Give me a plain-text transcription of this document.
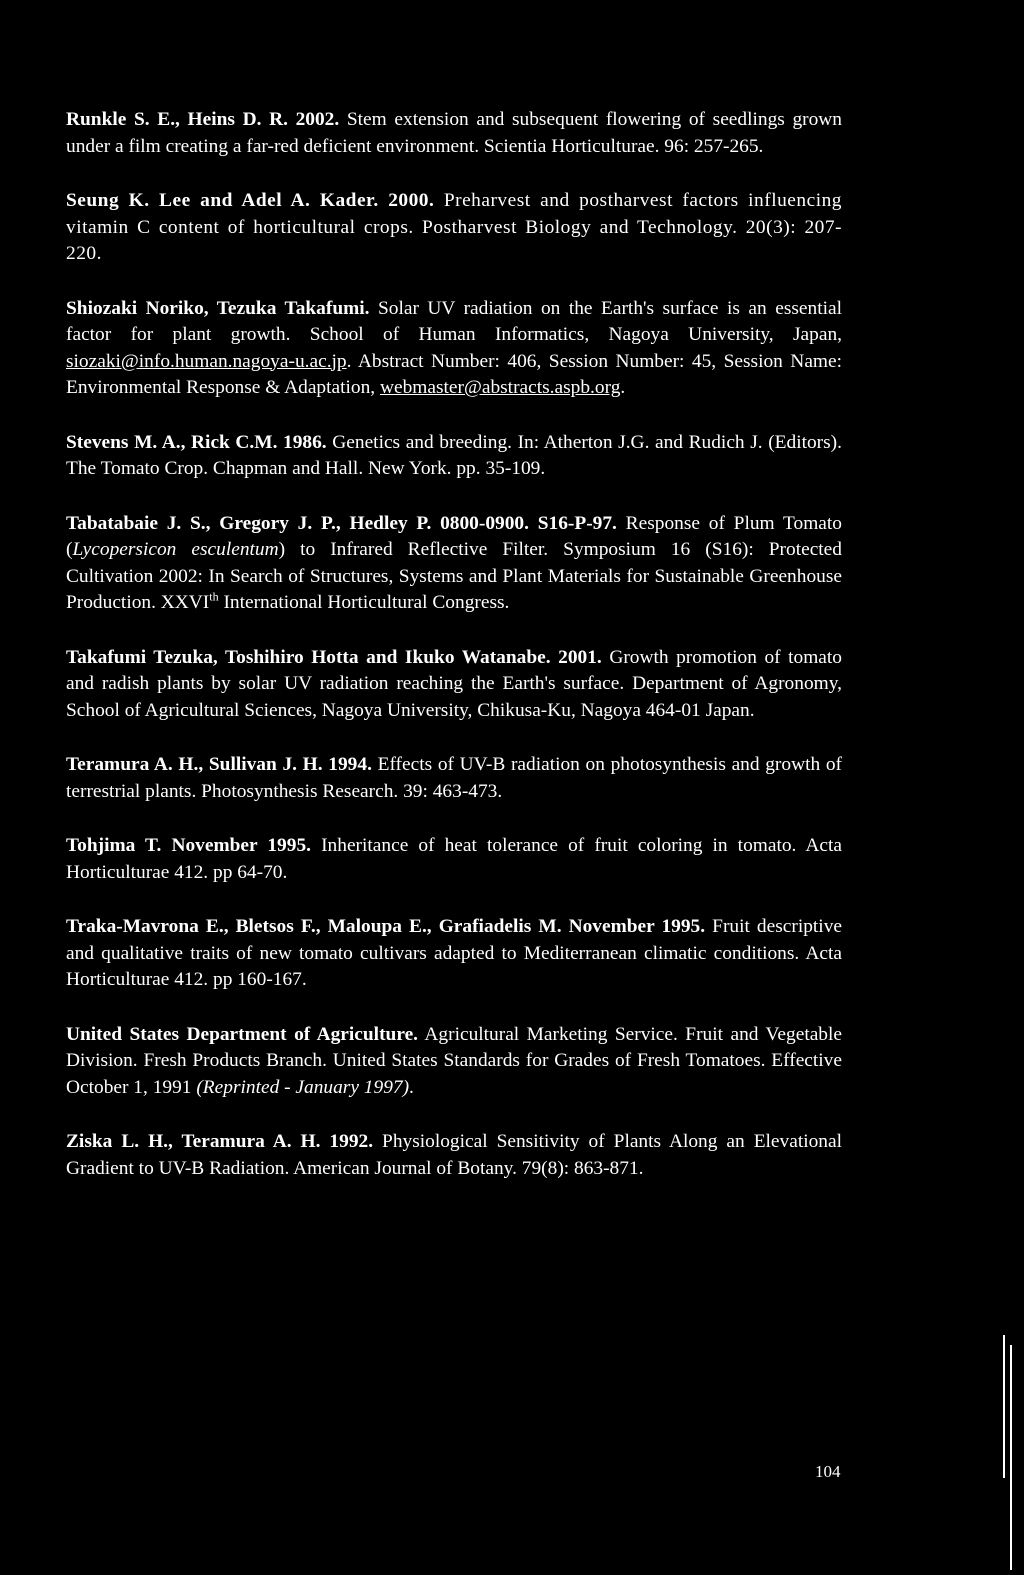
Runkle S. E., Heins D. R. 2002. Stem extension and subsequent flowering of seedlings grown under a film creating a far-red deficient environment. Scientia Horticulturae. 96: 257-265.

Seung K. Lee and Adel A. Kader. 2000. Preharvest and postharvest factors influencing vitamin C content of horticultural crops. Postharvest Biology and Technology. 20(3): 207-220.

Shiozaki Noriko, Tezuka Takafumi. Solar UV radiation on the Earth's surface is an essential factor for plant growth. School of Human Informatics, Nagoya University, Japan, siozaki@info.human.nagoya-u.ac.jp. Abstract Number: 406, Session Number: 45, Session Name: Environmental Response & Adaptation, webmaster@abstracts.aspb.org.

Stevens M. A., Rick C.M. 1986. Genetics and breeding. In: Atherton J.G. and Rudich J. (Editors). The Tomato Crop. Chapman and Hall. New York. pp. 35-109.

Tabatabaie J. S., Gregory J. P., Hedley P. 0800-0900. S16-P-97. Response of Plum Tomato (Lycopersicon esculentum) to Infrared Reflective Filter. Symposium 16 (S16): Protected Cultivation 2002: In Search of Structures, Systems and Plant Materials for Sustainable Greenhouse Production. XXVIth International Horticultural Congress.

Takafumi Tezuka, Toshihiro Hotta and Ikuko Watanabe. 2001. Growth promotion of tomato and radish plants by solar UV radiation reaching the Earth's surface. Department of Agronomy, School of Agricultural Sciences, Nagoya University, Chikusa-Ku, Nagoya 464-01 Japan.

Teramura A. H., Sullivan J. H. 1994. Effects of UV-B radiation on photosynthesis and growth of terrestrial plants. Photosynthesis Research. 39: 463-473.

Tohjima T. November 1995. Inheritance of heat tolerance of fruit coloring in tomato. Acta Horticulturae 412. pp 64-70.

Traka-Mavrona E., Bletsos F., Maloupa E., Grafiadelis M. November 1995. Fruit descriptive and qualitative traits of new tomato cultivars adapted to Mediterranean climatic conditions. Acta Horticulturae 412. pp 160-167.

United States Department of Agriculture. Agricultural Marketing Service. Fruit and Vegetable Division. Fresh Products Branch. United States Standards for Grades of Fresh Tomatoes. Effective October 1, 1991 (Reprinted - January 1997).

Ziska L. H., Teramura A. H. 1992. Physiological Sensitivity of Plants Along an Elevational Gradient to UV-B Radiation. American Journal of Botany. 79(8): 863-871.

104
